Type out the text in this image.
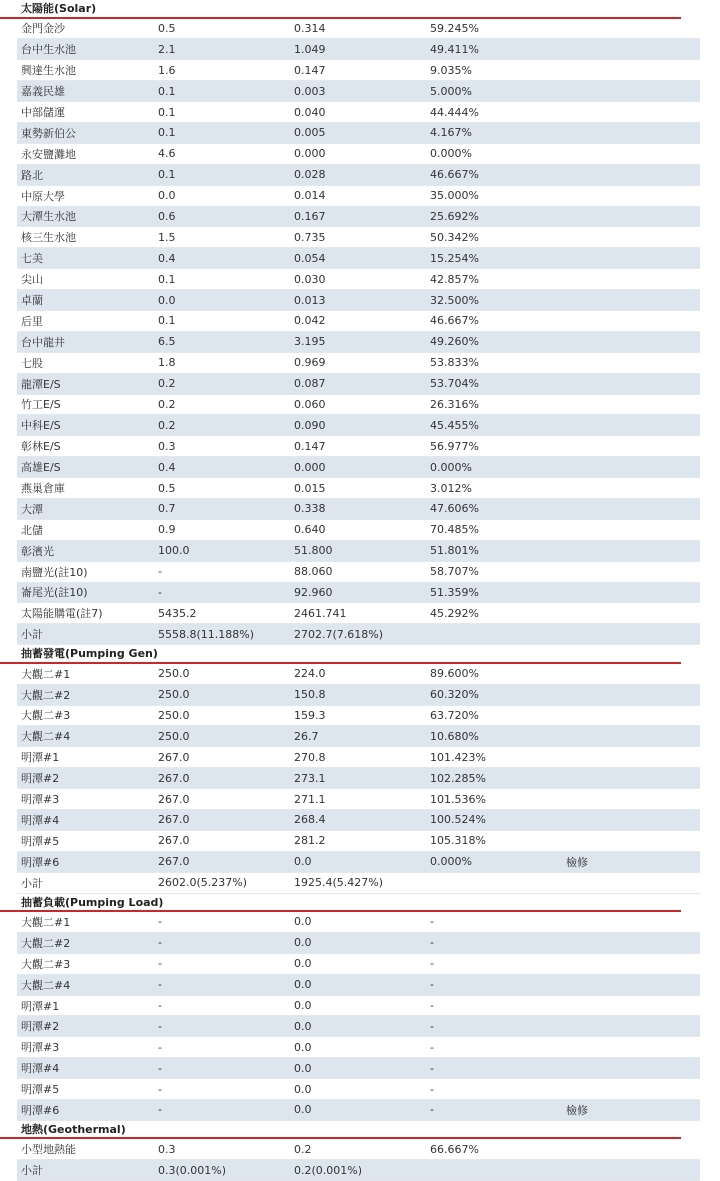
太陽能(Solar)
金門金沙	0.5	0.314	59.245%	
台中生水池	2.1	1.049	49.411%	
興達生水池	1.6	0.147	9.035%	
嘉義民雄	0.1	0.003	5.000%	
中部儲運	0.1	0.040	44.444%	
東勢新伯公	0.1	0.005	4.167%	
永安鹽灘地	4.6	0.000	0.000%	
路北	0.1	0.028	46.667%	
中原大學	0.0	0.014	35.000%	
大潭生水池	0.6	0.167	25.692%	
核三生水池	1.5	0.735	50.342%	
七美	0.4	0.054	15.254%	
尖山	0.1	0.030	42.857%	
卓蘭	0.0	0.013	32.500%	
后里	0.1	0.042	46.667%	
台中龍井	6.5	3.195	49.260%	
七股	1.8	0.969	53.833%	
龍潭E/S	0.2	0.087	53.704%	
竹工E/S	0.2	0.060	26.316%	
中科E/S	0.2	0.090	45.455%	
彰林E/S	0.3	0.147	56.977%	
高雄E/S	0.4	0.000	0.000%	
燕巢倉庫	0.5	0.015	3.012%	
大潭	0.7	0.338	47.606%	
北儲	0.9	0.640	70.485%	
彰濱光	100.0	51.800	51.801%	
南鹽光(註10)	-	88.060	58.707%	
崙尾光(註10)	-	92.960	51.359%	
太陽能購電(註7)	5435.2	2461.741	45.292%	
小計	5558.8(11.188%)	2702.7(7.618%)		
抽蓄發電(Pumping Gen)
大觀二#1	250.0	224.0	89.600%	
大觀二#2	250.0	150.8	60.320%	
大觀二#3	250.0	159.3	63.720%	
大觀二#4	250.0	26.7	10.680%	
明潭#1	267.0	270.8	101.423%	
明潭#2	267.0	273.1	102.285%	
明潭#3	267.0	271.1	101.536%	
明潭#4	267.0	268.4	100.524%	
明潭#5	267.0	281.2	105.318%	
明潭#6	267.0	0.0	0.000%	檢修
小計	2602.0(5.237%)	1925.4(5.427%)		
抽蓄負載(Pumping Load)
大觀二#1	-	0.0	-	
大觀二#2	-	0.0	-	
大觀二#3	-	0.0	-	
大觀二#4	-	0.0	-	
明潭#1	-	0.0	-	
明潭#2	-	0.0	-	
明潭#3	-	0.0	-	
明潭#4	-	0.0	-	
明潭#5	-	0.0	-	
明潭#6	-	0.0	-	檢修
地熱(Geothermal)
小型地熱能	0.3	0.2	66.667%	
小計	0.3(0.001%)	0.2(0.001%)		
